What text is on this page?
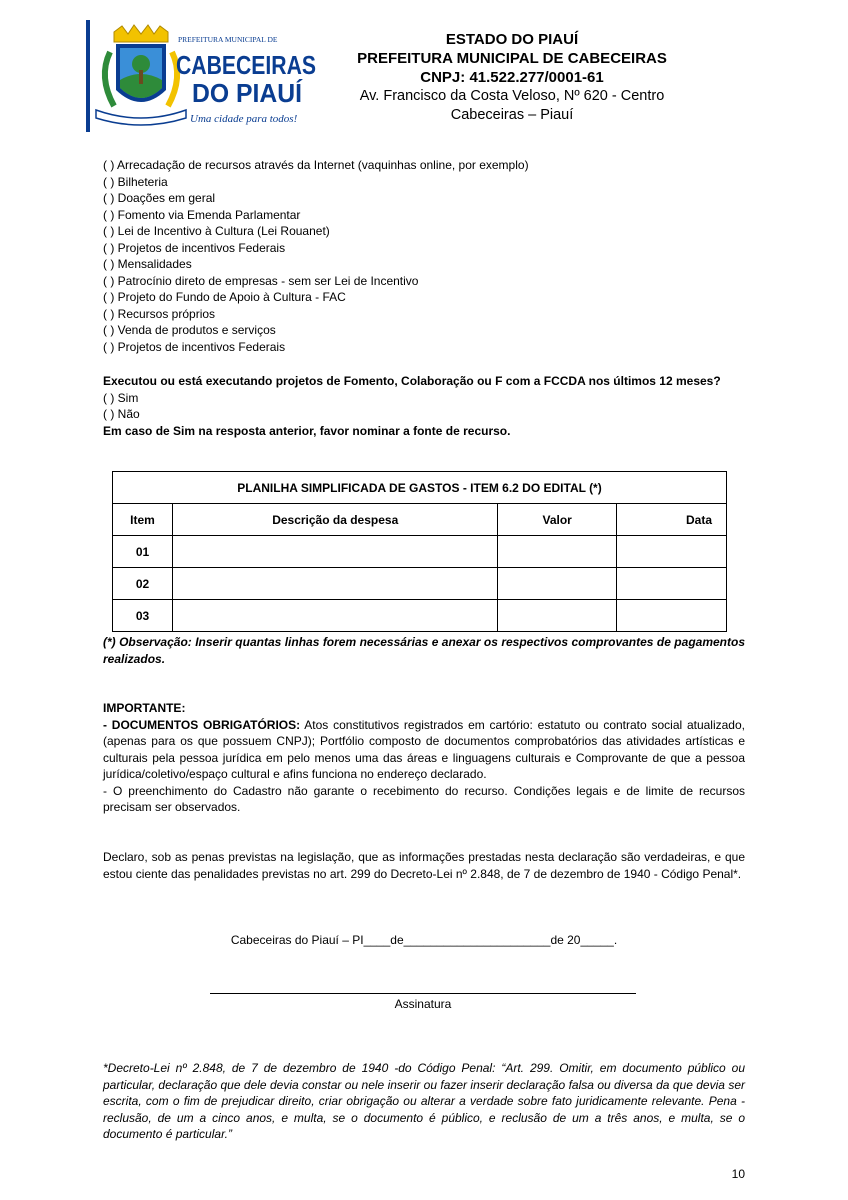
PREFEITURA MUNICIPAL DE
CABECEIRAS
DO PIAUÍ
Uma cidade para todos!
ESTADO DO PIAUÍ
PREFEITURA MUNICIPAL DE CABECEIRAS
CNPJ: 41.522.277/0001-61
Av. Francisco da Costa Veloso, Nº 620 - Centro
Cabeceiras – Piauí
( ) Arrecadação de recursos através da Internet (vaquinhas online, por exemplo)
( ) Bilheteria
( ) Doações em geral
( ) Fomento via Emenda Parlamentar
( ) Lei de Incentivo à Cultura (Lei Rouanet)
( ) Projetos de incentivos Federais
( ) Mensalidades
( ) Patrocínio direto de empresas - sem ser Lei de Incentivo
( ) Projeto do Fundo de Apoio à Cultura - FAC
( ) Recursos próprios
( ) Venda de produtos e serviços
( ) Projetos de incentivos Federais
Executou ou está executando projetos de Fomento, Colaboração ou F com a FCCDA nos últimos 12 meses?
( ) Sim
( ) Não
Em caso de Sim na resposta anterior, favor nominar a fonte de recurso.
PLANILHA SIMPLIFICADA DE GASTOS - ITEM 6.2 DO EDITAL (*)			
Item	Descrição da despesa	Valor	Data
01			
02			
03			
(*) Observação: Inserir quantas linhas forem necessárias e anexar os respectivos comprovantes de pagamentos realizados.

IMPORTANTE:

- DOCUMENTOS OBRIGATÓRIOS: Atos constitutivos registrados em cartório: estatuto ou contrato social atualizado, (apenas para os que possuem CNPJ); Portfólio composto de documentos comprobatórios das atividades artísticas e culturais pela pessoa jurídica em pelo menos uma das áreas e linguagens culturais e Comprovante de que a pessoa jurídica/coletivo/espaço cultural e afins funciona no endereço declarado.

- O preenchimento do Cadastro não garante o recebimento do recurso. Condições legais e de limite de recursos precisam ser observados.

Declaro, sob as penas previstas na legislação, que as informações prestadas nesta declaração são verdadeiras, e que estou ciente das penalidades previstas no art. 299 do Decreto-Lei nº 2.848, de 7 de dezembro de 1940 - Código Penal*.
Cabeceiras do Piauí – PI____de______________________de 20_____.
Assinatura
*Decreto-Lei nº 2.848, de 7 de dezembro de 1940 -do Código Penal: “Art. 299. Omitir, em documento público ou particular, declaração que dele devia constar ou nele inserir ou fazer inserir declaração falsa ou diversa da que devia ser escrita, com o fim de prejudicar direito, criar obrigação ou alterar a verdade sobre fato juridicamente relevante. Pena - reclusão, de um a cinco anos, e multa, se o documento é público, e reclusão de um a três anos, e multa, se o documento é particular.”
10
